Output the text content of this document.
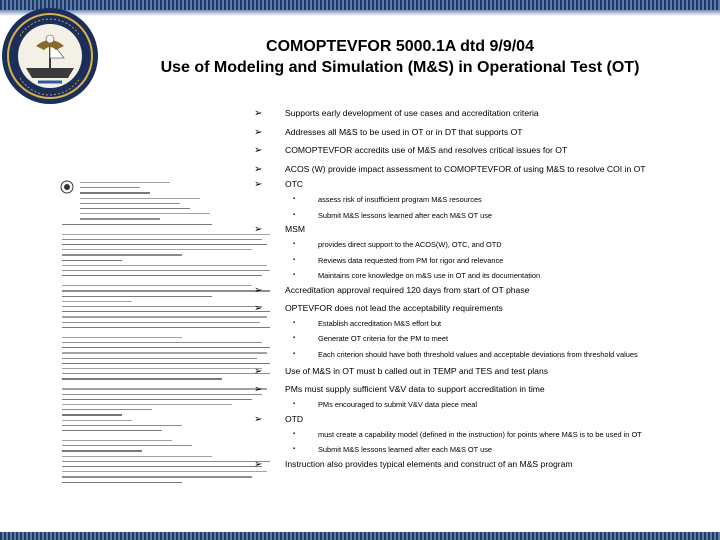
COMOPTEVFOR 5000.1A dtd 9/9/04
Use of Modeling and Simulation (M&S) in Operational Test (OT)
➢	Supports early development of use cases and accreditation criteria
➢	Addresses all M&S to be used in OT or in DT that supports OT
➢	COMOPTEVFOR accredits use of M&S and resolves critical issues for OT
➢	ACOS (W) provide impact assessment to COMOPTEVFOR of using M&S to resolve COI in OT
➢	OTC
▪	assess risk of insufficient program M&S resources
▪	Submit M&S lessons learned after each M&S OT use
➢	MSM
▪	provides direct support to the ACOS(W), OTC, and OTD
▪	Reviews data requested from PM for rigor and relevance
▪	Maintains core knowledge on m&S use in OT and its documentation
➢	Accreditation approval required 120 days from start of OT phase
➢	OPTEVFOR does not lead the acceptability requirements
▪	Establish accreditation M&S effort but
▪	Generate OT criteria for the PM to meet
▪	Each criterion should have both threshold values and acceptable deviations from threshold values
➢	Use of M&S in OT must b called out in TEMP and TES and test plans
➢	PMs must supply sufficient V&V data to support accreditation in time
▪	PMs encouraged to submit V&V data piece meal
➢	OTD
▪	must create a capability model (defined in the instruction) for points where M&S is to be used in OT
▪	Submit M&S lessons learned after each M&S OT use
➢	Instruction also provides typical elements and construct of an M&S program
